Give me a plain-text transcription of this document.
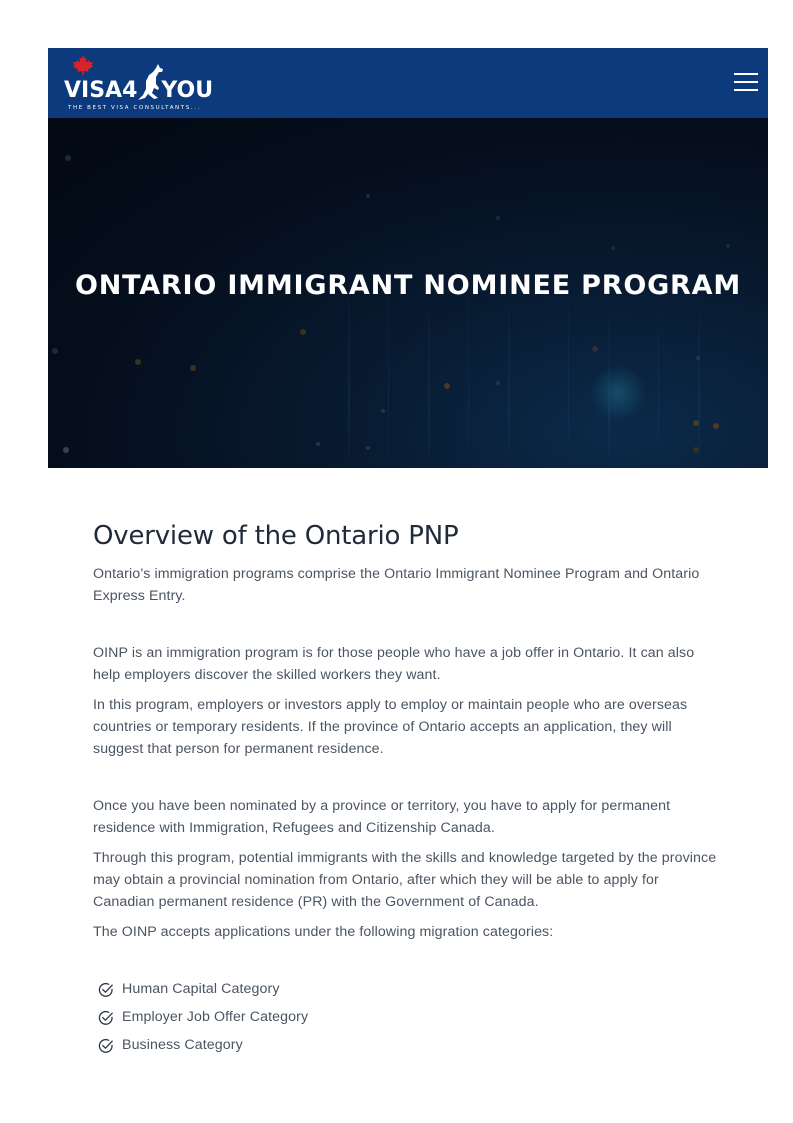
VISA4 YOU
THE BEST VISA CONSULTANTS...
ONTARIO IMMIGRANT NOMINEE PROGRAM
Overview of the Ontario PNP

Ontario’s immigration programs comprise the Ontario Immigrant Nominee Program and Ontario Express Entry.

OINP is an immigration program is for those people who have a job offer in Ontario. It can also help employers discover the skilled workers they want.

In this program, employers or investors apply to employ or maintain people who are overseas countries or temporary residents. If the province of Ontario accepts an application, they will suggest that person for permanent residence.

Once you have been nominated by a province or territory, you have to apply for permanent residence with Immigration, Refugees and Citizenship Canada.

Through this program, potential immigrants with the skills and knowledge targeted by the province may obtain a provincial nomination from Ontario, after which they will be able to apply for Canadian permanent residence (PR) with the Government of Canada.

The OINP accepts applications under the following migration categories:

Human Capital Category
Employer Job Offer Category
Business Category
